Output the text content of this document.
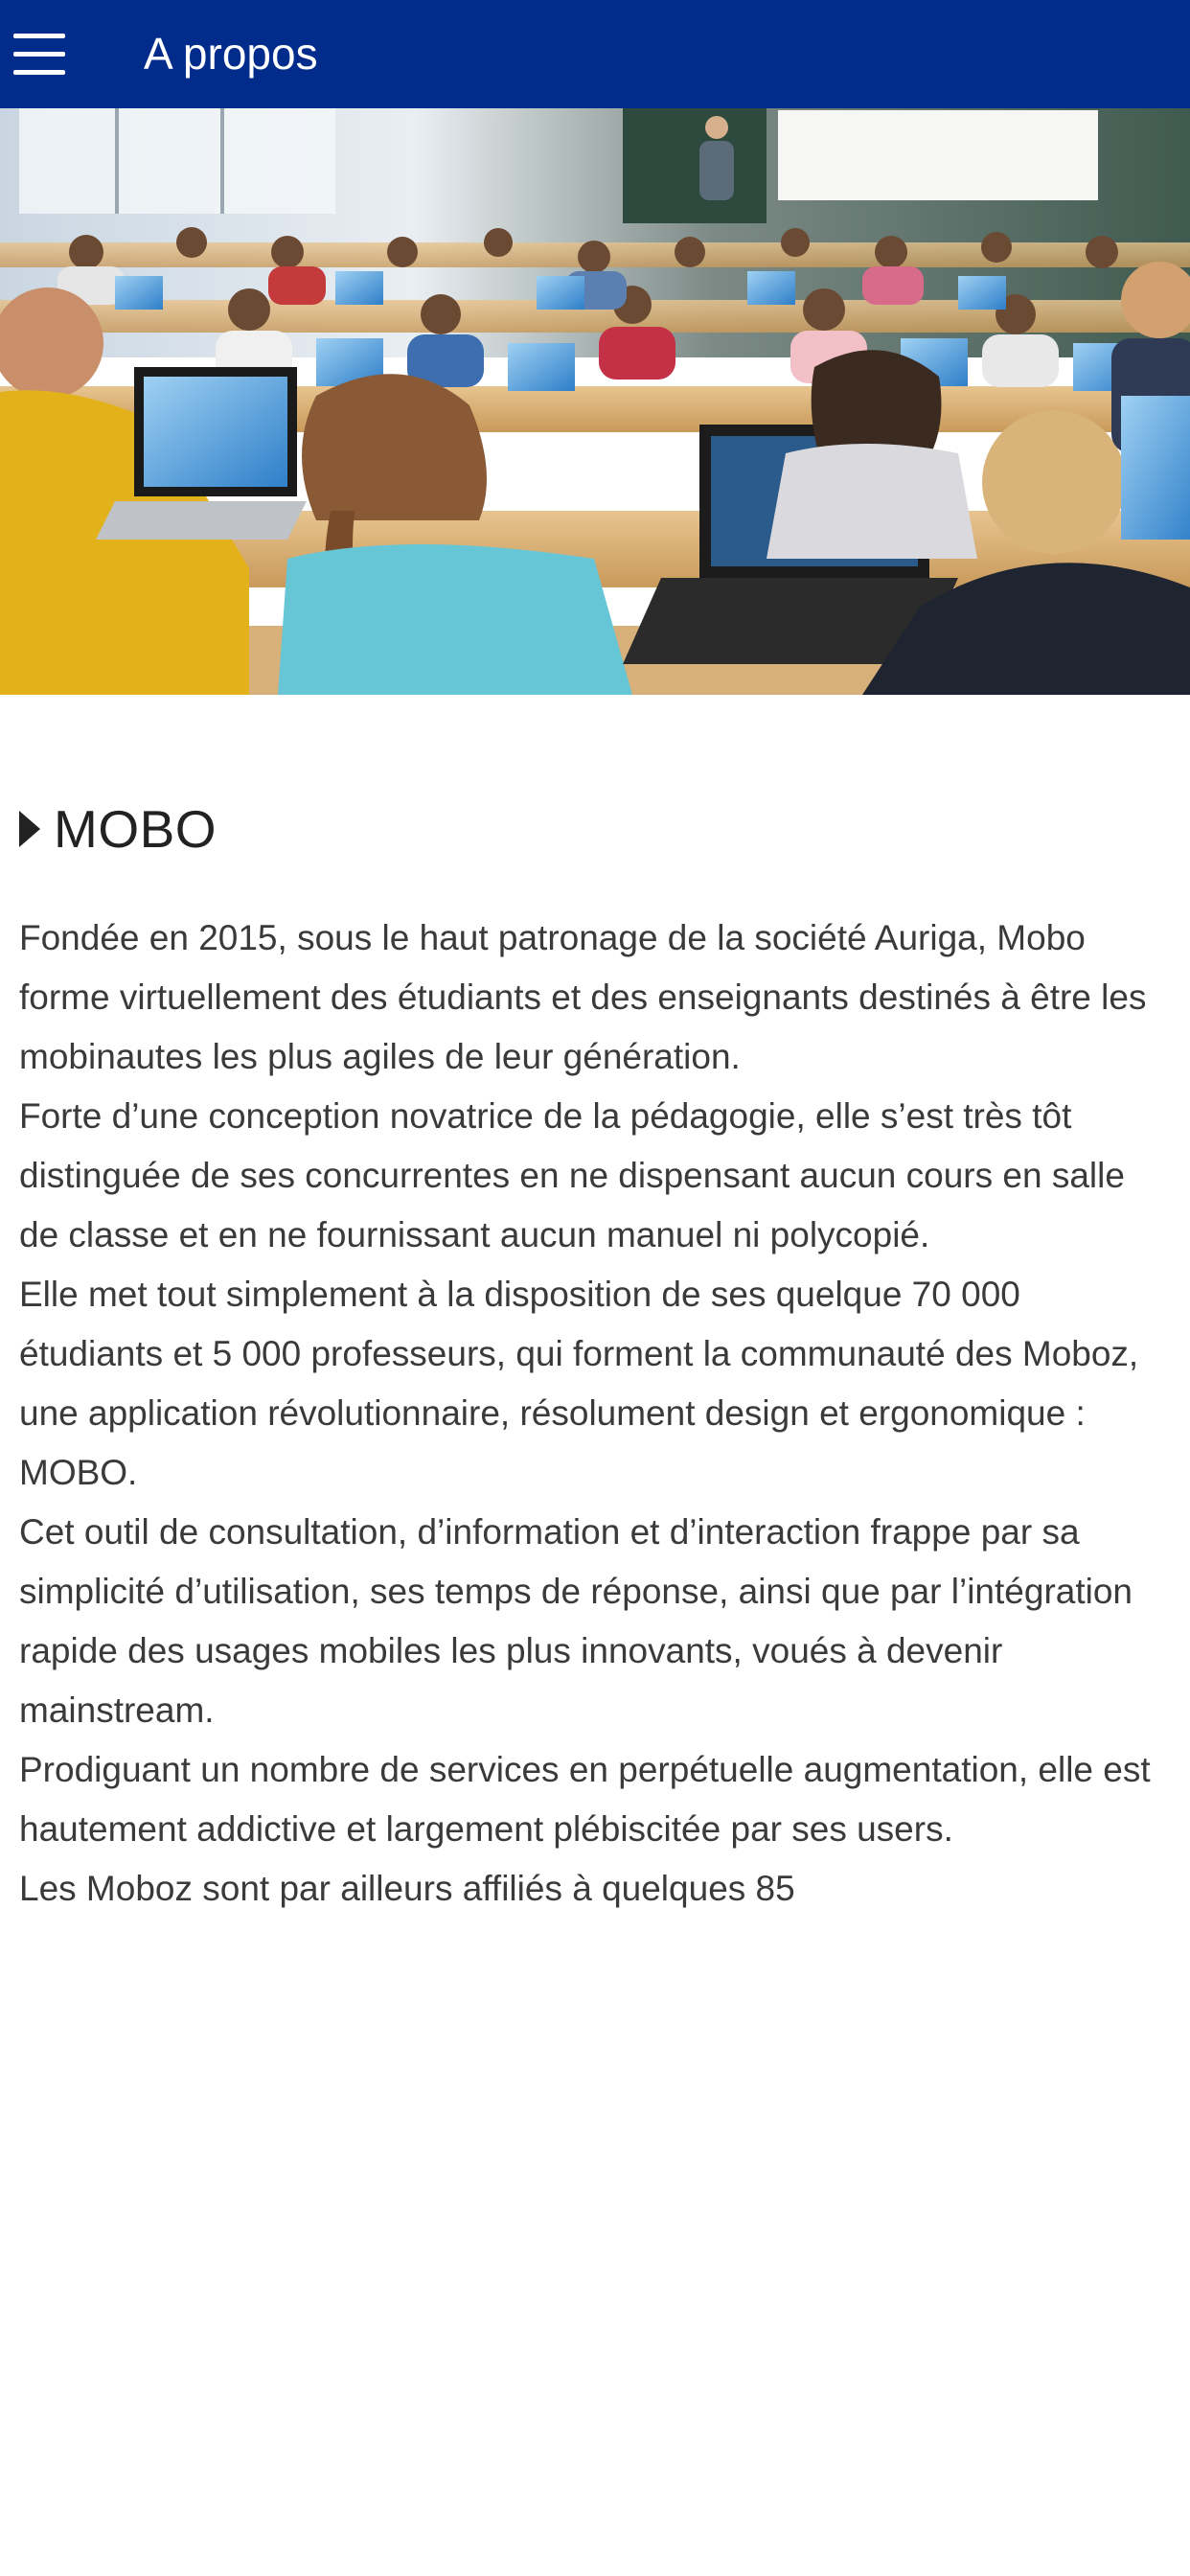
A propos
MOBO

Fondée en 2015, sous le haut patronage de la société Auriga, Mobo forme virtuellement des étudiants et des enseignants destinés à être les mobinautes les plus agiles de leur génération.

Forte d’une conception novatrice de la pédagogie, elle s’est très tôt distinguée de ses concurrentes en ne dispensant aucun cours en salle de classe et en ne fournissant aucun manuel ni polycopié.

Elle met tout simplement à la disposition de ses quelque 70 000 étudiants et 5 000 professeurs, qui forment la communauté des Moboz, une application révolutionnaire, résolument design et ergonomique : MOBO.

Cet outil de consultation, d’information et d’interaction frappe par sa simplicité d’utilisation, ses temps de réponse, ainsi que par l’intégration rapide des usages mobiles les plus innovants, voués à devenir mainstream.

Prodiguant un nombre de services en perpétuelle augmentation, elle est hautement addictive et largement plébiscitée par ses users.

Les Moboz sont par ailleurs affiliés à quelques 85
